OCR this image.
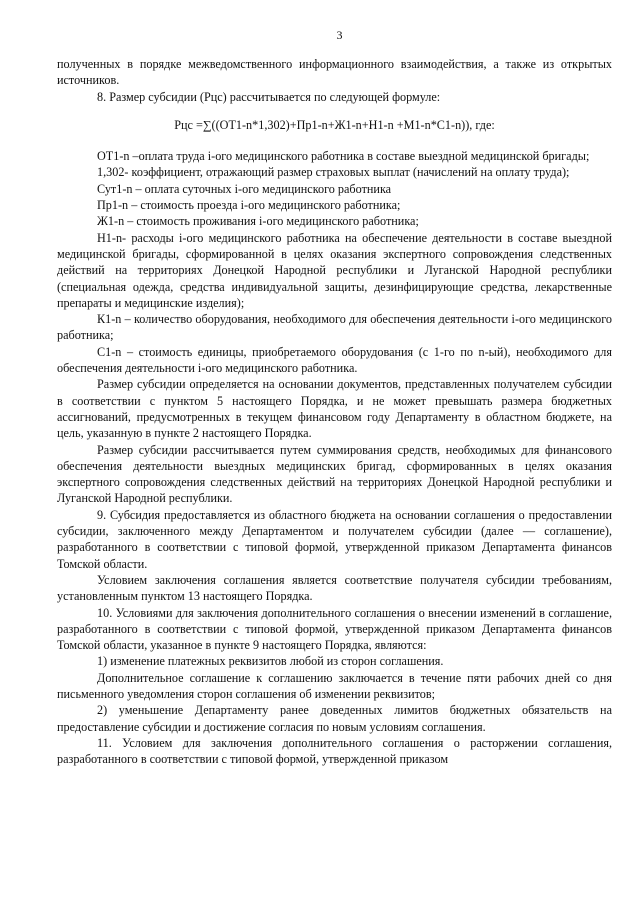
3

полученных в порядке межведомственного информационного взаимодействия, а также из открытых источников.

8. Размер субсидии (Рцс) рассчитывается по следующей формуле:

Рцс =∑((ОТ1-n*1,302)+Пр1-n+Ж1-n+Н1-n +М1-n*С1-n)), где:

ОТ1-n –оплата труда i-ого медицинского работника в составе выездной медицинской бригады;

1,302- коэффициент, отражающий размер страховых выплат (начислений на оплату труда);

Сут1-n – оплата суточных i-ого медицинского работника

Пр1-n – стоимость проезда i-ого медицинского работника;

Ж1-n – стоимость проживания i-ого медицинского работника;

Н1-n- расходы i-ого медицинского работника на обеспечение деятельности в составе выездной медицинской бригады, сформированной в целях оказания экспертного сопровождения следственных действий на территориях Донецкой Народной республики и Луганской Народной республики (специальная одежда, средства индивидуальной защиты, дезинфицирующие средства, лекарственные препараты и медицинские изделия);

К1-n – количество оборудования, необходимого для обеспечения деятельности i-ого медицинского работника;

С1-n – стоимость единицы, приобретаемого оборудования (с 1-го по n-ый), необходимого для обеспечения деятельности i-ого медицинского работника.

Размер субсидии определяется на основании документов, представленных получателем субсидии в соответствии с пунктом 5 настоящего Порядка, и не может превышать размера бюджетных ассигнований, предусмотренных в текущем финансовом году Департаменту в областном бюджете, на цель, указанную в пункте 2 настоящего Порядка.

Размер субсидии рассчитывается путем суммирования средств, необходимых для финансового обеспечения деятельности выездных медицинских бригад, сформированных в целях оказания экспертного сопровождения следственных действий на территориях Донецкой Народной республики и Луганской Народной республики.

9. Субсидия предоставляется из областного бюджета на основании соглашения о предоставлении субсидии, заключенного между Департаментом и получателем субсидии (далее — соглашение), разработанного в соответствии с типовой формой, утвержденной приказом Департамента финансов Томской области.

Условием заключения соглашения является соответствие получателя субсидии требованиям, установленным пунктом 13 настоящего Порядка.

10. Условиями для заключения дополнительного соглашения о внесении изменений в соглашение, разработанного в соответствии с типовой формой, утвержденной приказом Департамента финансов Томской области, указанное в пункте 9 настоящего Порядка, являются:

1) изменение платежных реквизитов любой из сторон соглашения.

Дополнительное соглашение к соглашению заключается в течение пяти рабочих дней со дня письменного уведомления сторон соглашения об изменении реквизитов;

2) уменьшение Департаменту ранее доведенных лимитов бюджетных обязательств на предоставление субсидии и достижение согласия по новым условиям соглашения.

11. Условием для заключения дополнительного соглашения о расторжении соглашения, разработанного в соответствии с типовой формой, утвержденной приказом
